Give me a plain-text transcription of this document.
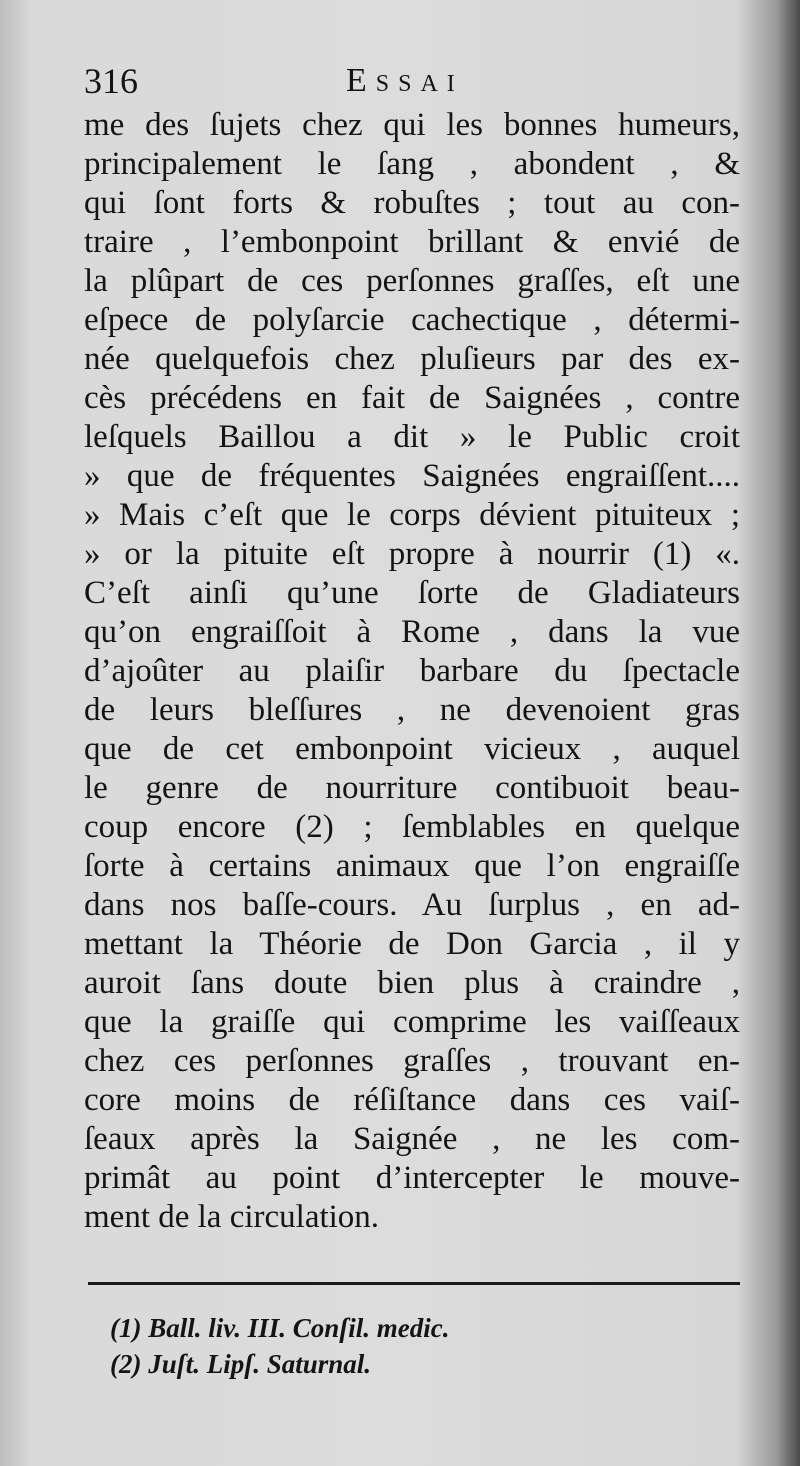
316	Essai
me des ſujets chez qui les bonnes humeurs,
principalement le ſang , abondent , &
qui ſont forts & robuſtes ; tout au con-
traire , l’embonpoint brillant & envié de
la plûpart de ces perſonnes graſſes, eſt une
eſpece de polyſarcie cachectique , détermi-
née quelquefois chez pluſieurs par des ex-
cès précédens en fait de Saignées , contre
leſquels Baillou a dit » le Public croit
» que de fréquentes Saignées engraiſſent....
» Mais c’eſt que le corps dévient pituiteux ;
» or la pituite eſt propre à nourrir (1) «.
C’eſt ainſi qu’une ſorte de Gladiateurs
qu’on engraiſſoit à Rome , dans la vue
d’ajoûter au plaiſir barbare du ſpectacle
de leurs bleſſures , ne devenoient gras
que de cet embonpoint vicieux , auquel
le genre de nourriture contibuoit beau-
coup encore (2) ; ſemblables en quelque
ſorte à certains animaux que l’on engraiſſe
dans nos baſſe-cours. Au ſurplus , en ad-
mettant la Théorie de Don Garcia , il y
auroit ſans doute bien plus à craindre ,
que la graiſſe qui comprime les vaiſſeaux
chez ces perſonnes graſſes , trouvant en-
core moins de réſiſtance dans ces vaiſ-
ſeaux après la Saignée , ne les com-
primât au point d’intercepter le mouve-
ment de la circulation.
(1) Ball. liv. III. Conſil. medic.
(2) Juſt. Lipſ. Saturnal.
